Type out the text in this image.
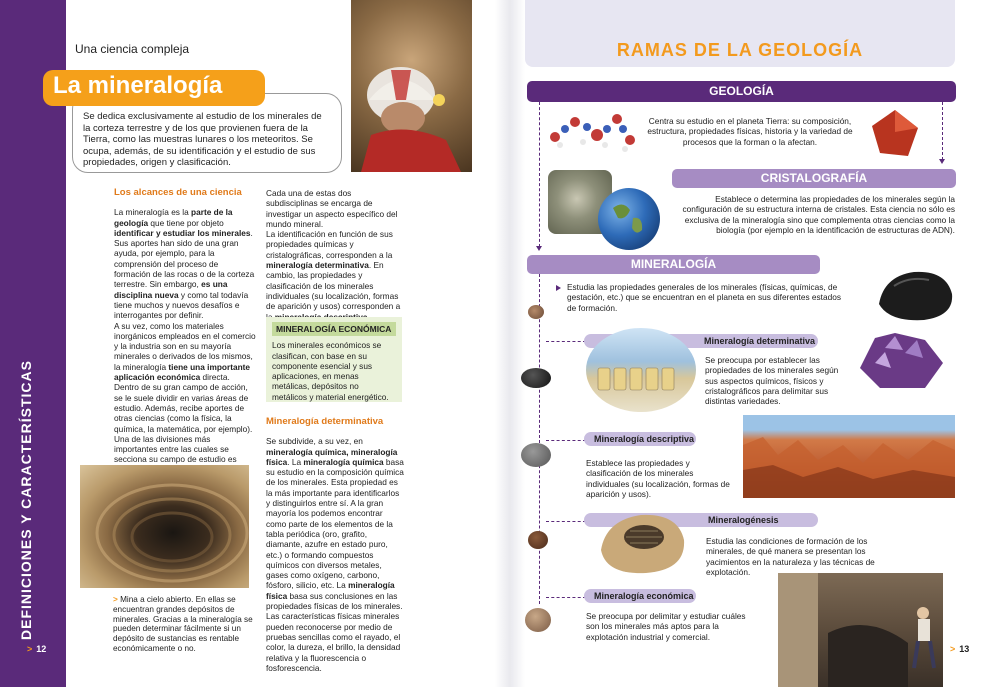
DEFINICIONES Y CARACTERÍSTICAS
> 12
Una ciencia compleja
Se dedica exclusivamente al estudio de los minerales de la corteza terrestre y de los que provienen fuera de la Tierra, como las muestras lunares o los meteoritos. Se ocupa, además, de su identificación y el estudio de sus propiedades, origen y clasificación.
La mineralogía
Los alcances de una ciencia

La mineralogía es la parte de la geología que tiene por objeto identificar y estudiar los minerales. Sus aportes han sido de una gran ayuda, por ejemplo, para la comprensión del proceso de formación de las rocas o de la corteza terrestre. Sin embargo, es una disciplina nueva y como tal todavía tiene muchos y nuevos desafíos e interrogantes por definir.

A su vez, como los materiales inorgánicos empleados en el comercio y la industria son en su mayoría minerales o derivados de los mismos, la mineralogía tiene una importante aplicación económica directa.

Dentro de su gran campo de acción, se le suele dividir en varias áreas de estudio. Además, recibe aportes de otras ciencias (como la física, la química, la matemática, por ejemplo). Una de las divisiones más importantes entre las cuales se secciona su campo de estudio es

Cada una de estas dos subdisciplinas se encarga de investigar un aspecto específico del mundo mineral.

La identificación en función de sus propiedades químicas y cristalográficas, corresponden a la mineralogía determinativa. En cambio, las propiedades y clasificación de los minerales individuales (su localización, formas de aparición y usos) corresponden a

MINERALOGÍA ECONÓMICA
Los minerales económicos se clasifican, con base en su componente esencial y sus aplicaciones, en menas metálicas, depósitos no metálicos y material energético.
Mineralogía determinativa

Se subdivide, a su vez, en mineralogía química, mineralogía física. La mineralogía química basa su estudio en la composición química de los minerales. Esta propiedad es la más importante para identificarlos y distinguirlos entre sí. A la gran mayoría los podemos encontrar como parte de los elementos de la tabla periódica (oro, grafito, diamante, azufre en estado puro, etc.) o formando compuestos químicos con diversos metales, gases como oxígeno, carbono, fósforo, silicio, etc. La mineralogía física basa sus conclusiones en las propiedades físicas de los minerales. Las características físicas minerales pueden reconocerse por medio de pruebas sencillas como el rayado, el color, la dureza, el brillo, la densidad relativa y la fluorescencia o fosforescencia.

> Mina a cielo abierto. En ellas se encuentran grandes depósitos de minerales. Gracias a la mineralogía se pueden determinar fácilmente si un depósito de sustancias es rentable económicamente o no.
RAMAS DE LA GEOLOGÍA
GEOLOGÍA
Centra su estudio en el planeta Tierra: su composición, estructura, propiedades físicas, historia y la variedad de procesos que la forman o la afectan.
CRISTALOGRAFÍA
Establece o determina las propiedades de los minerales según la configuración de su estructura interna de cristales. Esta ciencia no sólo es exclusiva de la mineralogía sino que complementa otras ciencias como la biología (por ejemplo en la identificación de estructuras de ADN).
MINERALOGÍA
Estudia las propiedades generales de los minerales (físicas, químicas, de gestación, etc.) que se encuentran en el planeta en sus diferentes estados de formación.
Mineralogía determinativa
Se preocupa por establecer las propiedades de los minerales según sus aspectos químicos, físicos y cristalográficos para delimitar sus distintas variedades.
Mineralogía descriptiva
Establece las propiedades y clasificación de los minerales individuales (su localización, formas de aparición y usos).
Mineralogénesis
Estudia las condiciones de formación de los minerales, de qué manera se presentan los yacimientos en la naturaleza y las técnicas de explotación.
Mineralogía económica
Se preocupa por delimitar y estudiar cuáles son los minerales más aptos para la explotación industrial y comercial.
> 13
